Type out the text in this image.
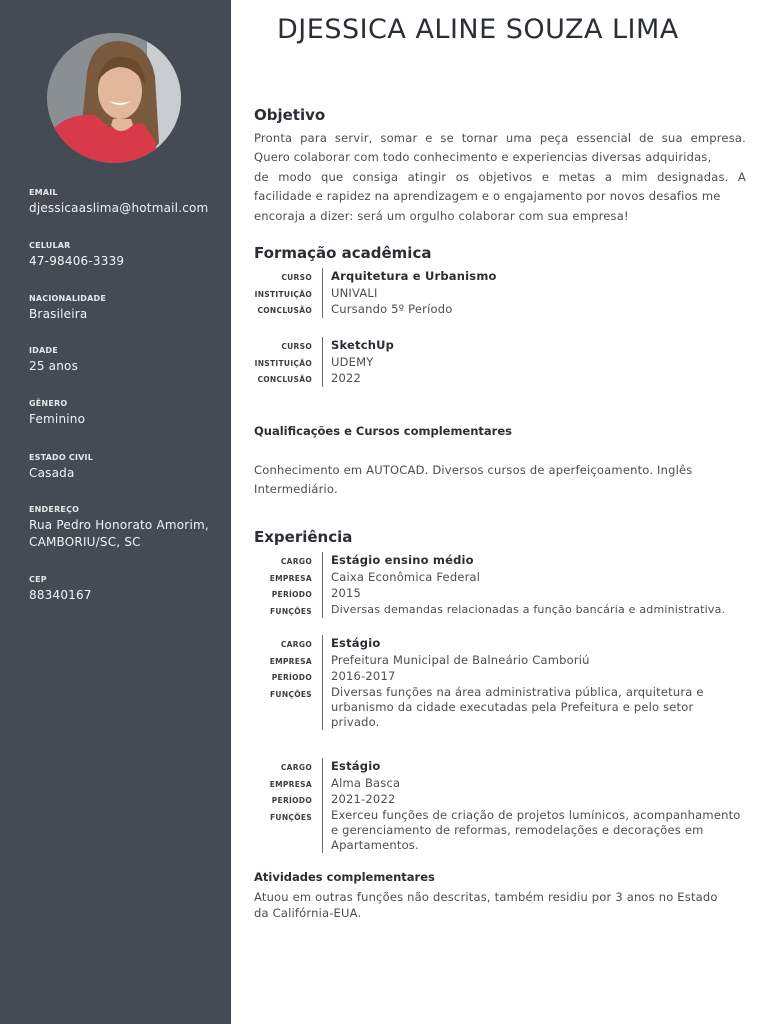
EMAIL
djessicaaslima@hotmail.com
CELULAR
47-98406-3339
NACIONALIDADE
Brasileira
IDADE
25 anos
GÊNERO
Feminino
ESTADO CIVIL
Casada
ENDEREÇO
Rua Pedro Honorato Amorim, CAMBORIU/SC, SC
CEP
88340167
DJESSICA ALINE SOUZA LIMA
Objetivo
Pronta para servir, somar e se tornar uma peça essencial de sua empresa.
Quero colaborar com todo conhecimento e experiencias diversas adquiridas,
de modo que consiga atingir os objetivos e metas a mim designadas. A
facilidade e rapidez na aprendizagem e o engajamento por novos desafios me
encoraja a dizer: será um orgulho colaborar com sua empresa!
Formação acadêmica
CURSO	Arquitetura e Urbanismo
INSTITUIÇÃO	UNIVALI
CONCLUSÃO	Cursando 5º Período
CURSO	SketchUp
INSTITUIÇÃO	UDEMY
CONCLUSÃO	2022
Qualificações e Cursos complementares
Conhecimento em AUTOCAD. Diversos cursos de aperfeiçoamento. Inglês
Intermediário.
Experiência
CARGO	Estágio ensino médio
EMPRESA	Caixa Econômica Federal
PERÍODO	2015
FUNÇÕES Diversas demandas relacionadas a função bancária e administrativa.
CARGO	Estágio
EMPRESA	Prefeitura Municipal de Balneário Camboriú
PERÍODO	2016-2017
FUNÇÕES Diversas funções na área administrativa pública, arquitetura e
urbanismo da cidade executadas pela Prefeitura e pelo setor
privado.
CARGO	Estágio
EMPRESA	Alma Basca
PERÍODO	2021-2022
FUNÇÕES Exerceu funções de criação de projetos lumínicos, acompanhamento
e gerenciamento de reformas, remodelações e decorações em
Apartamentos.
Atividades complementares
Atuou em outras funções não descritas, também residiu por 3 anos no Estado
da Califórnia-EUA.
